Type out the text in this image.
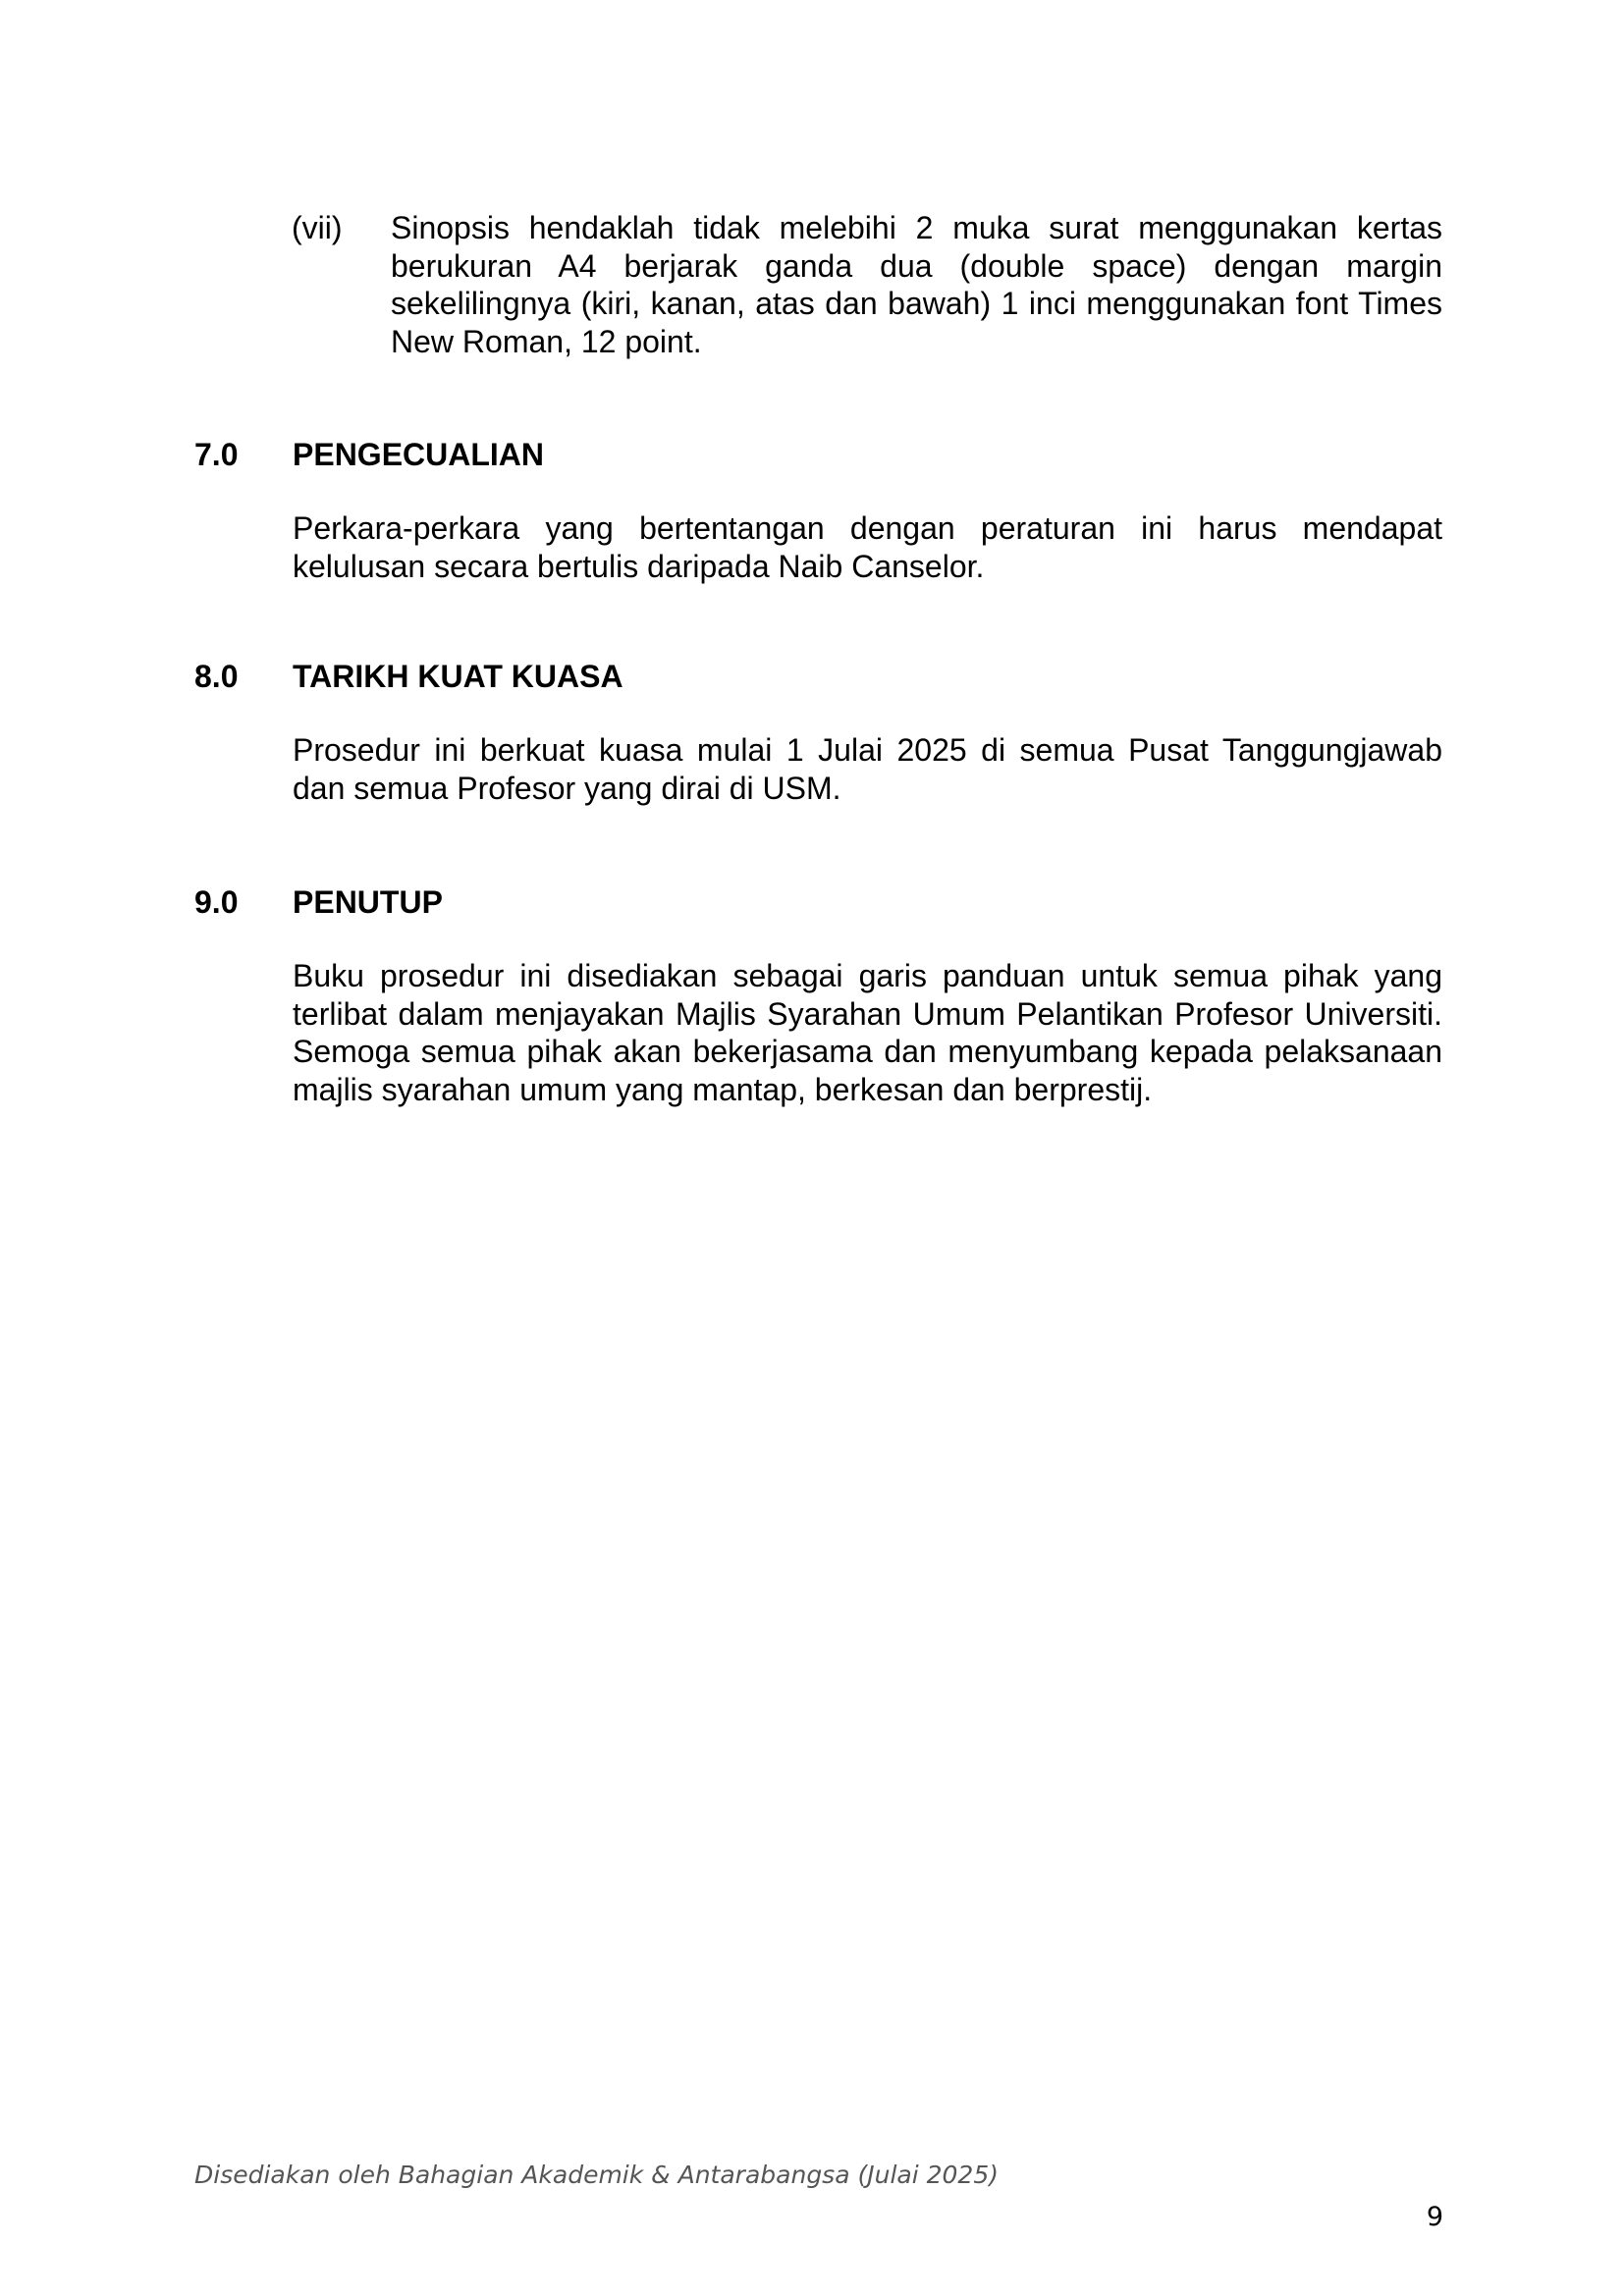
(vii) Sinopsis hendaklah tidak melebihi 2 muka surat menggunakan kertas berukuran A4 berjarak ganda dua (double space) dengan margin sekelilingnya (kiri, kanan, atas dan bawah) 1 inci menggunakan font Times New Roman, 12 point.
7.0 PENGECUALIAN
Perkara-perkara yang bertentangan dengan peraturan ini harus mendapat kelulusan secara bertulis daripada Naib Canselor.
8.0 TARIKH KUAT KUASA
Prosedur ini berkuat kuasa mulai 1 Julai 2025 di semua Pusat Tanggungjawab dan semua Profesor yang dirai di USM.
9.0 PENUTUP
Buku prosedur ini disediakan sebagai garis panduan untuk semua pihak yang terlibat dalam menjayakan Majlis Syarahan Umum Pelantikan Profesor Universiti. Semoga semua pihak akan bekerjasama dan menyumbang kepada pelaksanaan majlis syarahan umum yang mantap, berkesan dan berprestij.
Disediakan oleh Bahagian Akademik & Antarabangsa (Julai 2025)
9
